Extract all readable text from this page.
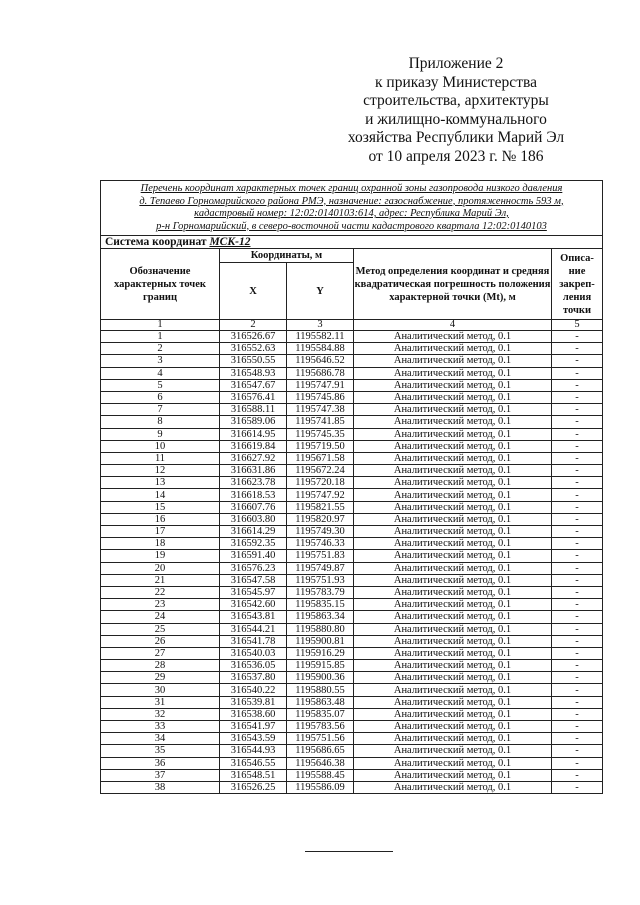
Приложение 2
к приказу Министерства
строительства, архитектуры
и жилищно-коммунального
хозяйства Республики Марий Эл
от 10 апреля 2023 г. № 186
Перечень координат характерных точек границ охранной зоны газопровода низкого давления
д. Тепаево Горномарийского района РМЭ, назначение: газоснабжение, протяженность 593 м,
кадастровый номер: 12:02:0140103:614, адрес: Республика Марий Эл,
р-н Горномарийский, в северо-восточной части кадастрового квартала 12:02:0140103				

Система координат МСК-12				
Обозначение характерных точек границ	Координаты, м		Метод определения координат и средняя квадратическая погрешность положения характерной точки (Mt), м	Описа-ние закреп-ления точки
	X	Y		
1	2	3	4	5
1	316526.67	1195582.11	Аналитический метод, 0.1	-
2	316552.63	1195584.88	Аналитический метод, 0.1	-
3	316550.55	1195646.52	Аналитический метод, 0.1	-
4	316548.93	1195686.78	Аналитический метод, 0.1	-
5	316547.67	1195747.91	Аналитический метод, 0.1	-
6	316576.41	1195745.86	Аналитический метод, 0.1	-
7	316588.11	1195747.38	Аналитический метод, 0.1	-
8	316589.06	1195741.85	Аналитический метод, 0.1	-
9	316614.95	1195745.35	Аналитический метод, 0.1	-
10	316619.84	1195719.50	Аналитический метод, 0.1	-
11	316627.92	1195671.58	Аналитический метод, 0.1	-
12	316631.86	1195672.24	Аналитический метод, 0.1	-
13	316623.78	1195720.18	Аналитический метод, 0.1	-
14	316618.53	1195747.92	Аналитический метод, 0.1	-
15	316607.76	1195821.55	Аналитический метод, 0.1	-
16	316603.80	1195820.97	Аналитический метод, 0.1	-
17	316614.29	1195749.30	Аналитический метод, 0.1	-
18	316592.35	1195746.33	Аналитический метод, 0.1	-
19	316591.40	1195751.83	Аналитический метод, 0.1	-
20	316576.23	1195749.87	Аналитический метод, 0.1	-
21	316547.58	1195751.93	Аналитический метод, 0.1	-
22	316545.97	1195783.79	Аналитический метод, 0.1	-
23	316542.60	1195835.15	Аналитический метод, 0.1	-
24	316543.81	1195863.34	Аналитический метод, 0.1	-
25	316544.21	1195880.80	Аналитический метод, 0.1	-
26	316541.78	1195900.81	Аналитический метод, 0.1	-
27	316540.03	1195916.29	Аналитический метод, 0.1	-
28	316536.05	1195915.85	Аналитический метод, 0.1	-
29	316537.80	1195900.36	Аналитический метод, 0.1	-
30	316540.22	1195880.55	Аналитический метод, 0.1	-
31	316539.81	1195863.48	Аналитический метод, 0.1	-
32	316538.60	1195835.07	Аналитический метод, 0.1	-
33	316541.97	1195783.56	Аналитический метод, 0.1	-
34	316543.59	1195751.56	Аналитический метод, 0.1	-
35	316544.93	1195686.65	Аналитический метод, 0.1	-
36	316546.55	1195646.38	Аналитический метод, 0.1	-
37	316548.51	1195588.45	Аналитический метод, 0.1	-
38	316526.25	1195586.09	Аналитический метод, 0.1	-
